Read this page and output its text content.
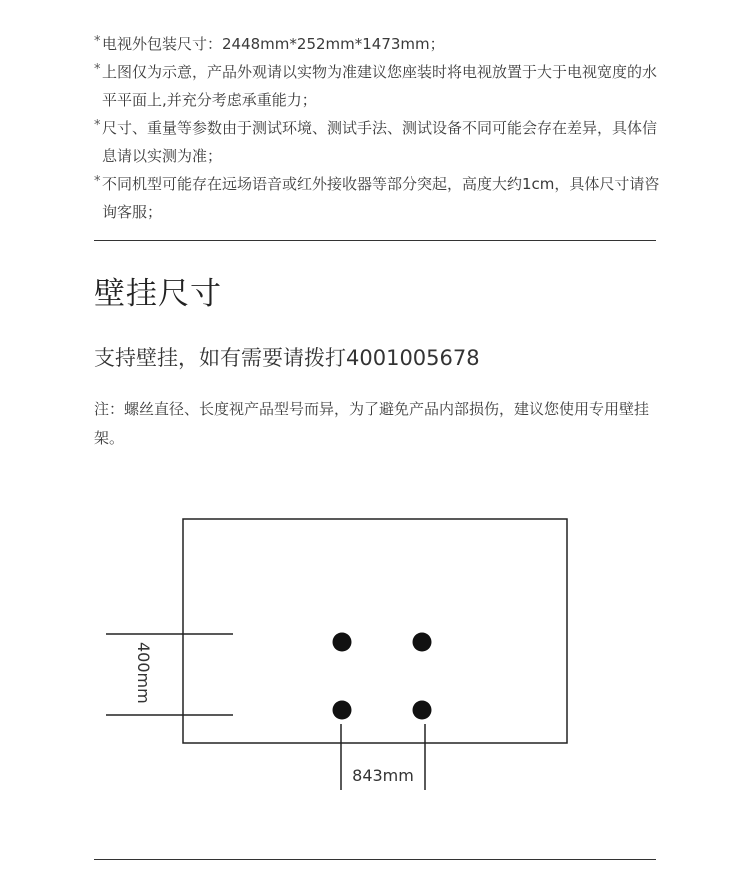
* 电视外包装尺寸：2448mm*252mm*1473mm；
* 上图仅为示意，产品外观请以实物为准建议您座装时将电视放置于大于电视宽度的水平平面上,并充分考虑承重能力；
* 尺寸、重量等参数由于测试环境、测试手法、测试设备不同可能会存在差异，具体信息请以实测为准；
* 不同机型可能存在远场语音或红外接收器等部分突起，高度大约1cm，具体尺寸请咨询客服；
壁挂尺寸

支持壁挂，如有需要请拨打4001005678

注：螺丝直径、长度视产品型号而异，为了避免产品内部损伤，建议您使用专用壁挂架。

400mm
843mm
